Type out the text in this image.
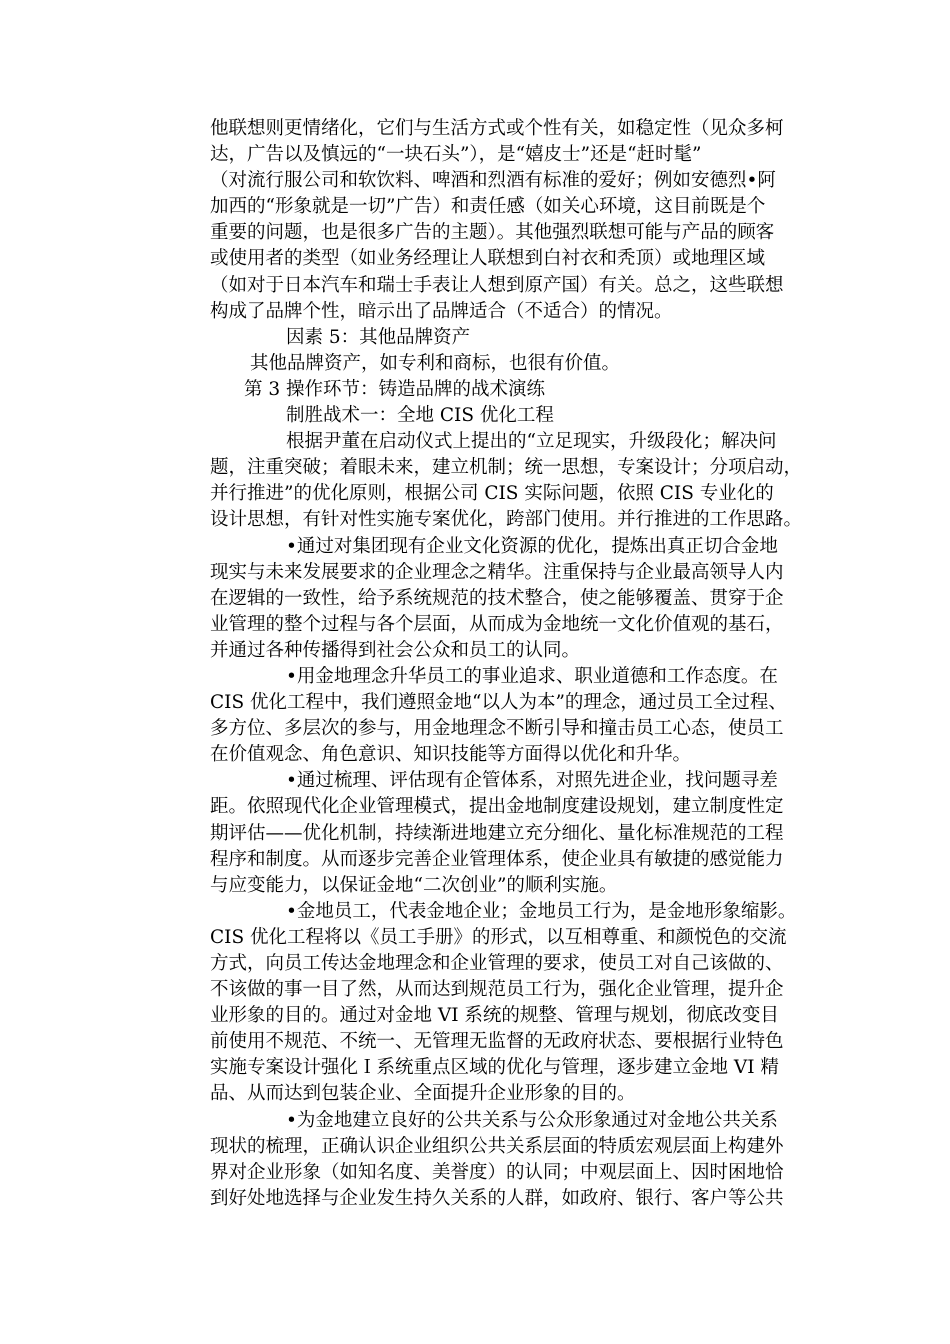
他联想则更情绪化，它们与生活方式或个性有关，如稳定性（见众多柯
达，广告以及慎远的“一块石头”），是“嬉皮士”还是“赶时髦”
（对流行服公司和软饮料、啤酒和烈酒有标准的爱好；例如安德烈•阿
加西的“形象就是一切”广告）和责任感（如关心环境，这目前既是个
重要的问题，也是很多广告的主题）。其他强烈联想可能与产品的顾客
或使用者的类型（如业务经理让人联想到白衬衣和秃顶）或地理区域
（如对于日本汽车和瑞士手表让人想到原产国）有关。总之，这些联想
构成了品牌个性，暗示出了品牌适合（不适合）的情况。
因素 5：其他品牌资产
其他品牌资产，如专利和商标，也很有价值。
第 3 操作环节：铸造品牌的战术演练
制胜战术一：全地 CIS 优化工程
根据尹董在启动仪式上提出的“立足现实，升级段化；解决问
题，注重突破；着眼未来，建立机制；统一思想，专案设计；分项启动，
并行推进”的优化原则，根据公司 CIS 实际问题，依照 CIS 专业化的
设计思想，有针对性实施专案优化，跨部门使用。并行推进的工作思路。
•通过对集团现有企业文化资源的优化，提炼出真正切合金地
现实与未来发展要求的企业理念之精华。注重保持与企业最高领导人内
在逻辑的一致性，给予系统规范的技术整合，使之能够覆盖、贯穿于企
业管理的整个过程与各个层面，从而成为金地统一文化价值观的基石，
并通过各种传播得到社会公众和员工的认同。
•用金地理念升华员工的事业追求、职业道德和工作态度。在
CIS 优化工程中，我们遵照金地“以人为本”的理念，通过员工全过程、
多方位、多层次的参与，用金地理念不断引导和撞击员工心态，使员工
在价值观念、角色意识、知识技能等方面得以优化和升华。
•通过梳理、评估现有企管体系，对照先进企业，找问题寻差
距。依照现代化企业管理模式，提出金地制度建设规划，建立制度性定
期评估——优化机制，持续渐进地建立充分细化、量化标准规范的工程
程序和制度。从而逐步完善企业管理体系，使企业具有敏捷的感觉能力
与应变能力，以保证金地“二次创业”的顺利实施。
•金地员工，代表金地企业；金地员工行为，是金地形象缩影。
CIS 优化工程将以《员工手册》的形式，以互相尊重、和颜悦色的交流
方式，向员工传达金地理念和企业管理的要求，使员工对自己该做的、
不该做的事一目了然，从而达到规范员工行为，强化企业管理，提升企
业形象的目的。通过对金地 VI 系统的规整、管理与规划，彻底改变目
前使用不规范、不统一、无管理无监督的无政府状态、要根据行业特色
实施专案设计强化Ｉ系统重点区域的优化与管理，逐步建立金地 VI 精
品、从而达到包装企业、全面提升企业形象的目的。
•为金地建立良好的公共关系与公众形象通过对金地公共关系
现状的梳理，正确认识企业组织公共关系层面的特质宏观层面上构建外
界对企业形象（如知名度、美誉度）的认同；中观层面上、因时困地恰
到好处地选择与企业发生持久关系的人群，如政府、银行、客户等公共
